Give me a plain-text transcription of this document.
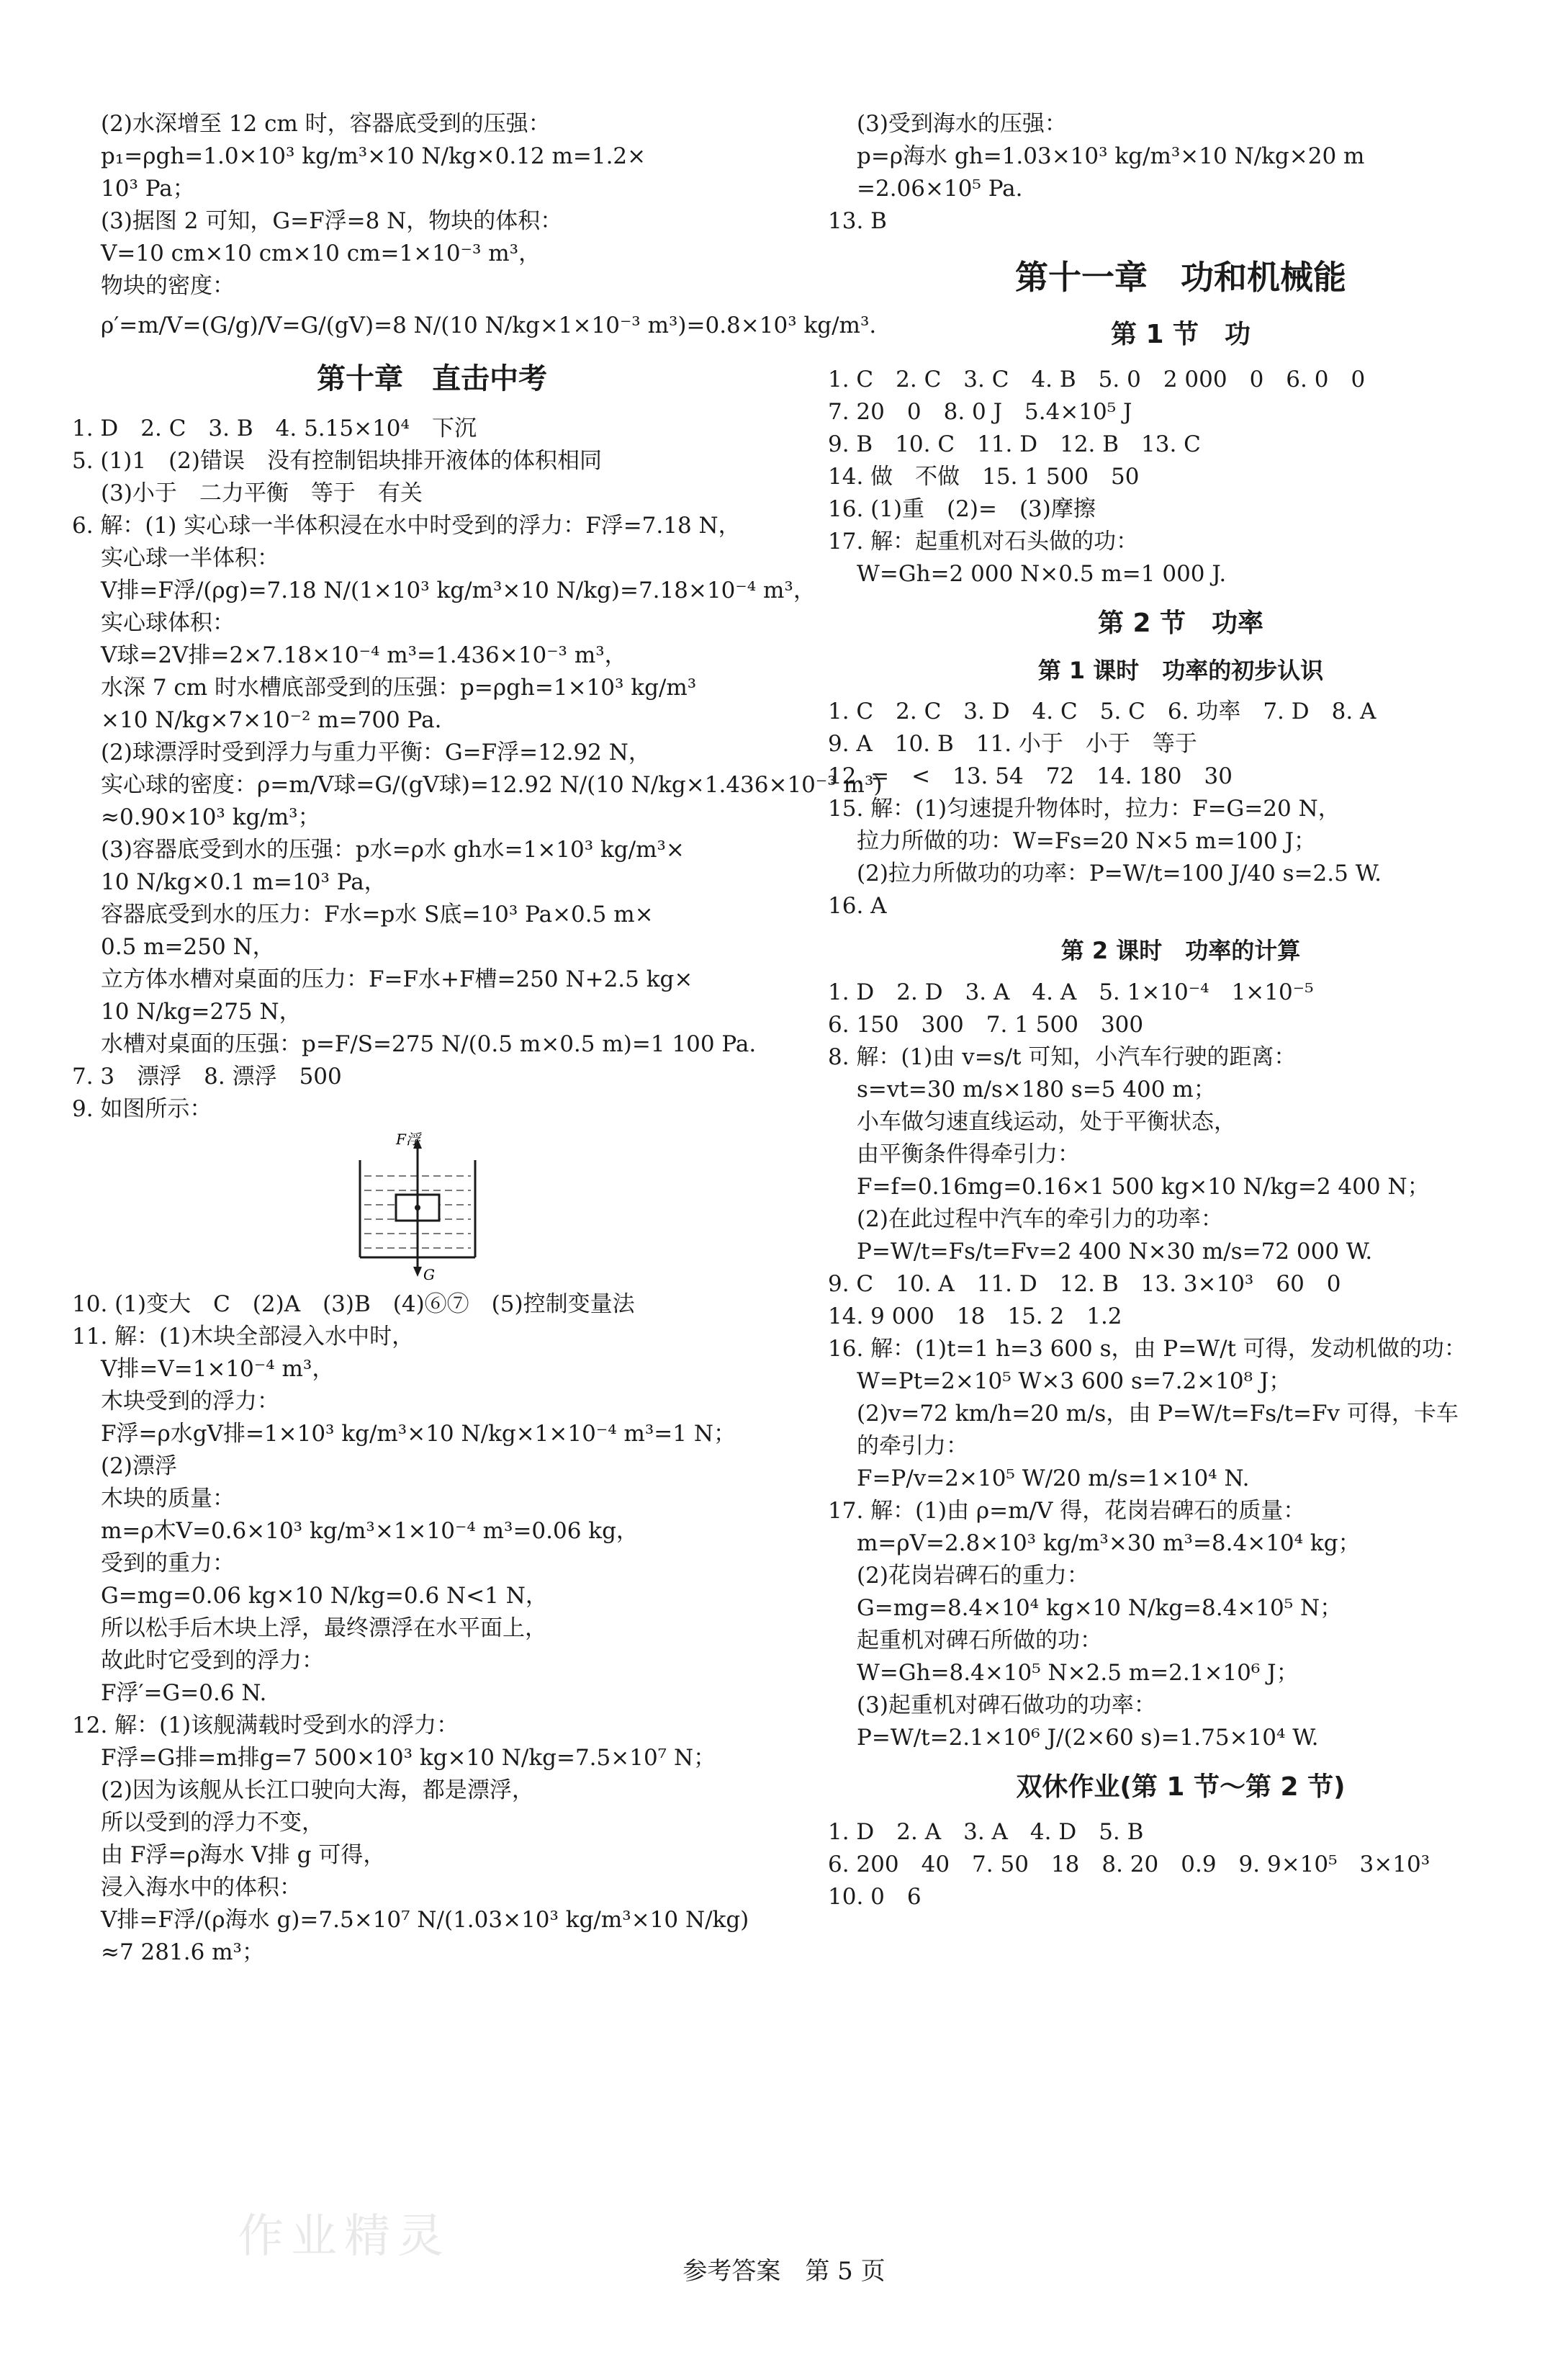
(2)水深增至 12 cm 时，容器底受到的压强：

p₁=ρgh=1.0×10³ kg/m³×10 N/kg×0.12 m=1.2×

10³ Pa；

(3)据图 2 可知，G=F浮=8 N，物块的体积：

V=10 cm×10 cm×10 cm=1×10⁻³ m³，

物块的密度：

ρ′=m/V=(G/g)/V=G/(gV)=8 N/(10 N/kg×1×10⁻³ m³)=0.8×10³ kg/m³.

第十章　直击中考

1. D　2. C　3. B　4. 5.15×10⁴　下沉

5. (1)1　(2)错误　没有控制铝块排开液体的体积相同

(3)小于　二力平衡　等于　有关

6. 解：(1) 实心球一半体积浸在水中时受到的浮力：F浮=7.18 N，

实心球一半体积：

V排=F浮/(ρg)=7.18 N/(1×10³ kg/m³×10 N/kg)=7.18×10⁻⁴ m³，

实心球体积：

V球=2V排=2×7.18×10⁻⁴ m³=1.436×10⁻³ m³，

水深 7 cm 时水槽底部受到的压强：p=ρgh=1×10³ kg/m³

×10 N/kg×7×10⁻² m=700 Pa.

(2)球漂浮时受到浮力与重力平衡：G=F浮=12.92 N，

实心球的密度：ρ=m/V球=G/(gV球)=12.92 N/(10 N/kg×1.436×10⁻³ m³)

≈0.90×10³ kg/m³；

(3)容器底受到水的压强：p水=ρ水 gh水=1×10³ kg/m³×

10 N/kg×0.1 m=10³ Pa，

容器底受到水的压力：F水=p水 S底=10³ Pa×0.5 m×

0.5 m=250 N，

立方体水槽对桌面的压力：F=F水+F槽=250 N+2.5 kg×

10 N/kg=275 N，

水槽对桌面的压强：p=F/S=275 N/(0.5 m×0.5 m)=1 100 Pa.

7. 3　漂浮　8. 漂浮　500

9. 如图所示：

F浮
G

10. (1)变大　C　(2)A　(3)B　(4)⑥⑦　(5)控制变量法

11. 解：(1)木块全部浸入水中时，

V排=V=1×10⁻⁴ m³，

木块受到的浮力：

F浮=ρ水gV排=1×10³ kg/m³×10 N/kg×1×10⁻⁴ m³=1 N；

(2)漂浮

木块的质量：

m=ρ木V=0.6×10³ kg/m³×1×10⁻⁴ m³=0.06 kg，

受到的重力：

G=mg=0.06 kg×10 N/kg=0.6 N<1 N，

所以松手后木块上浮，最终漂浮在水平面上，

故此时它受到的浮力：

F浮′=G=0.6 N.

12. 解：(1)该舰满载时受到水的浮力：

F浮=G排=m排g=7 500×10³ kg×10 N/kg=7.5×10⁷ N；

(2)因为该舰从长江口驶向大海，都是漂浮，

所以受到的浮力不变，

由 F浮=ρ海水 V排 g 可得，

浸入海水中的体积：

V排=F浮/(ρ海水 g)=7.5×10⁷ N/(1.03×10³ kg/m³×10 N/kg)

≈7 281.6 m³；

(3)受到海水的压强：

p=ρ海水 gh=1.03×10³ kg/m³×10 N/kg×20 m

=2.06×10⁵ Pa.

13. B

第十一章　功和机械能
第 1 节　功

1. C　2. C　3. C　4. B　5. 0　2 000　0　6. 0　0

7. 20　0　8. 0 J　5.4×10⁵ J

9. B　10. C　11. D　12. B　13. C

14. 做　不做　15. 1 500　50

16. (1)重　(2)=　(3)摩擦

17. 解：起重机对石头做的功：

W=Gh=2 000 N×0.5 m=1 000 J.

第 2 节　功率
第 1 课时　功率的初步认识

1. C　2. C　3. D　4. C　5. C　6. 功率　7. D　8. A

9. A　10. B　11. 小于　小于　等于

12. =　<　13. 54　72　14. 180　30

15. 解：(1)匀速提升物体时，拉力：F=G=20 N，

拉力所做的功：W=Fs=20 N×5 m=100 J；

(2)拉力所做功的功率：P=W/t=100 J/40 s=2.5 W.

16. A

第 2 课时　功率的计算

1. D　2. D　3. A　4. A　5. 1×10⁻⁴　1×10⁻⁵

6. 150　300　7. 1 500　300

8. 解：(1)由 v=s/t 可知，小汽车行驶的距离：

s=vt=30 m/s×180 s=5 400 m；

小车做匀速直线运动，处于平衡状态，

由平衡条件得牵引力：

F=f=0.16mg=0.16×1 500 kg×10 N/kg=2 400 N；

(2)在此过程中汽车的牵引力的功率：

P=W/t=Fs/t=Fv=2 400 N×30 m/s=72 000 W.

9. C　10. A　11. D　12. B　13. 3×10³　60　0

14. 9 000　18　15. 2　1.2

16. 解：(1)t=1 h=3 600 s，由 P=W/t 可得，发动机做的功：

W=Pt=2×10⁵ W×3 600 s=7.2×10⁸ J；

(2)v=72 km/h=20 m/s，由 P=W/t=Fs/t=Fv 可得，卡车

的牵引力：

F=P/v=2×10⁵ W/20 m/s=1×10⁴ N.

17. 解：(1)由 ρ=m/V 得，花岗岩碑石的质量：

m=ρV=2.8×10³ kg/m³×30 m³=8.4×10⁴ kg；

(2)花岗岩碑石的重力：

G=mg=8.4×10⁴ kg×10 N/kg=8.4×10⁵ N；

起重机对碑石所做的功：

W=Gh=8.4×10⁵ N×2.5 m=2.1×10⁶ J；

(3)起重机对碑石做功的功率：

P=W/t=2.1×10⁶ J/(2×60 s)=1.75×10⁴ W.

双休作业(第 1 节～第 2 节)

1. D　2. A　3. A　4. D　5. B

6. 200　40　7. 50　18　8. 20　0.9　9. 9×10⁵　3×10³

10. 0　6

作业精灵
参考答案　第 5 页
